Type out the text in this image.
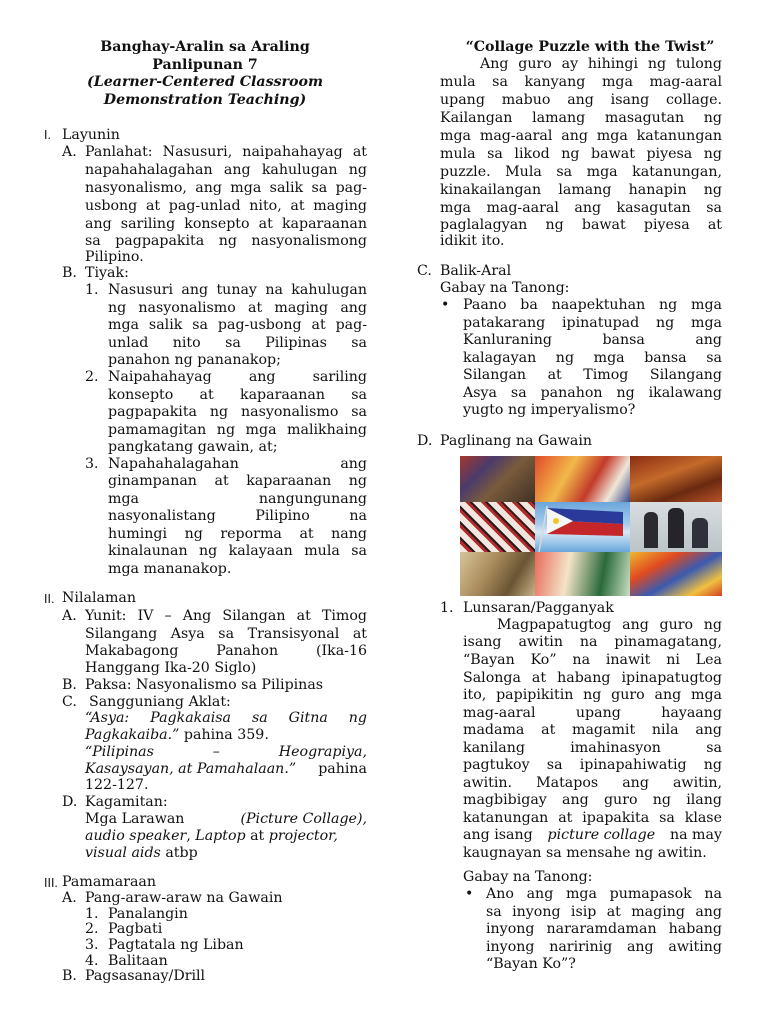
Banghay-Aralin sa Araling
Panlipunan 7
(Learner-Centered Classroom
Demonstration Teaching)
I. Layunin
A. Panlahat: Nasusuri, naipahahayag at
napahahalagahan ang kahulugan ng
nasyonalismo, ang mga salik sa pag-
usbong at pag-unlad nito, at maging
ang sariling konsepto at kaparaanan
sa pagpapakita ng nasyonalismong
Pilipino.
B. Tiyak:
1. Nasusuri ang tunay na kahulugan
ng nasyonalismo at maging ang
mga salik sa pag-usbong at pag-
unlad nito sa Pilipinas sa
panahon ng pananakop;
2. Naipahahayag ang sariling
konsepto at kaparaanan sa
pagpapakita ng nasyonalismo sa
pamamagitan ng mga malikhaing
pangkatang gawain, at;
3. Napahahalagahan ang
ginampanan at kaparaanan ng
mga nangungunang
nasyonalistang Pilipino na
humingi ng reporma at nang
kinalaunan ng kalayaan mula sa
mga mananakop.
II. Nilalaman
A. Yunit: IV – Ang Silangan at Timog
Silangang Asya sa Transisyonal at
Makabagong Panahon (Ika-16
Hanggang Ika-20 Siglo)
B. Paksa: Nasyonalismo sa Pilipinas
C. Sangguniang Aklat:
“Asya: Pagkakaisa sa Gitna ng
Pagkakaiba.” pahina 359.
“Pilipinas – Heograpiya,
Kasaysayan, at Pamahalaan.” pahina
122-127.
D. Kagamitan:
Mga Larawan	(Picture Collage),
audio speaker, Laptop at projector,
visual aids atbp
III. Pamamaraan
A. Pang-araw-araw na Gawain
1. Panalangin
2. Pagbati
3. Pagtatala ng Liban
4. Balitaan
B. Pagsasanay/Drill
“Collage Puzzle with the Twist”
Ang guro ay hihingi ng tulong
mula sa kanyang mga mag-aaral
upang mabuo ang isang collage.
Kailangan lamang masagutan ng
mga mag-aaral ang mga katanungan
mula sa likod ng bawat piyesa ng
puzzle. Mula sa mga katanungan,
kinakailangan lamang hanapin ng
mga mag-aaral ang kasagutan sa
paglalagyan ng bawat piyesa at
idikit ito.
C. Balik-Aral
Gabay na Tanong:
• Paano ba naapektuhan ng mga
patakarang ipinatupad ng mga
Kanluraning bansa ang
kalagayan ng mga bansa sa
Silangan at Timog Silangang
Asya sa panahon ng ikalawang
yugto ng imperyalismo?
D. Paglinang na Gawain
1. Lunsaran/Pagganyak
Magpapatugtog ang guro ng
isang awitin na pinamagatang,
“Bayan Ko” na inawit ni Lea
Salonga at habang ipinapatugtog
ito, papipikitin ng guro ang mga
mag-aaral upang hayaang
madama at magamit nila ang
kanilang imahinasyon sa
pagtukoy sa ipinapahiwatig ng
awitin. Matapos ang awitin,
magbibigay ang guro ng ilang
katanungan at ipapakita sa klase
ang isang picture collage na may
kaugnayan sa mensahe ng awitin.
Gabay na Tanong:
• Ano ang mga pumapasok na
sa inyong isip at maging ang
inyong nararamdaman habang
inyong naririnig ang awiting
“Bayan Ko”?
